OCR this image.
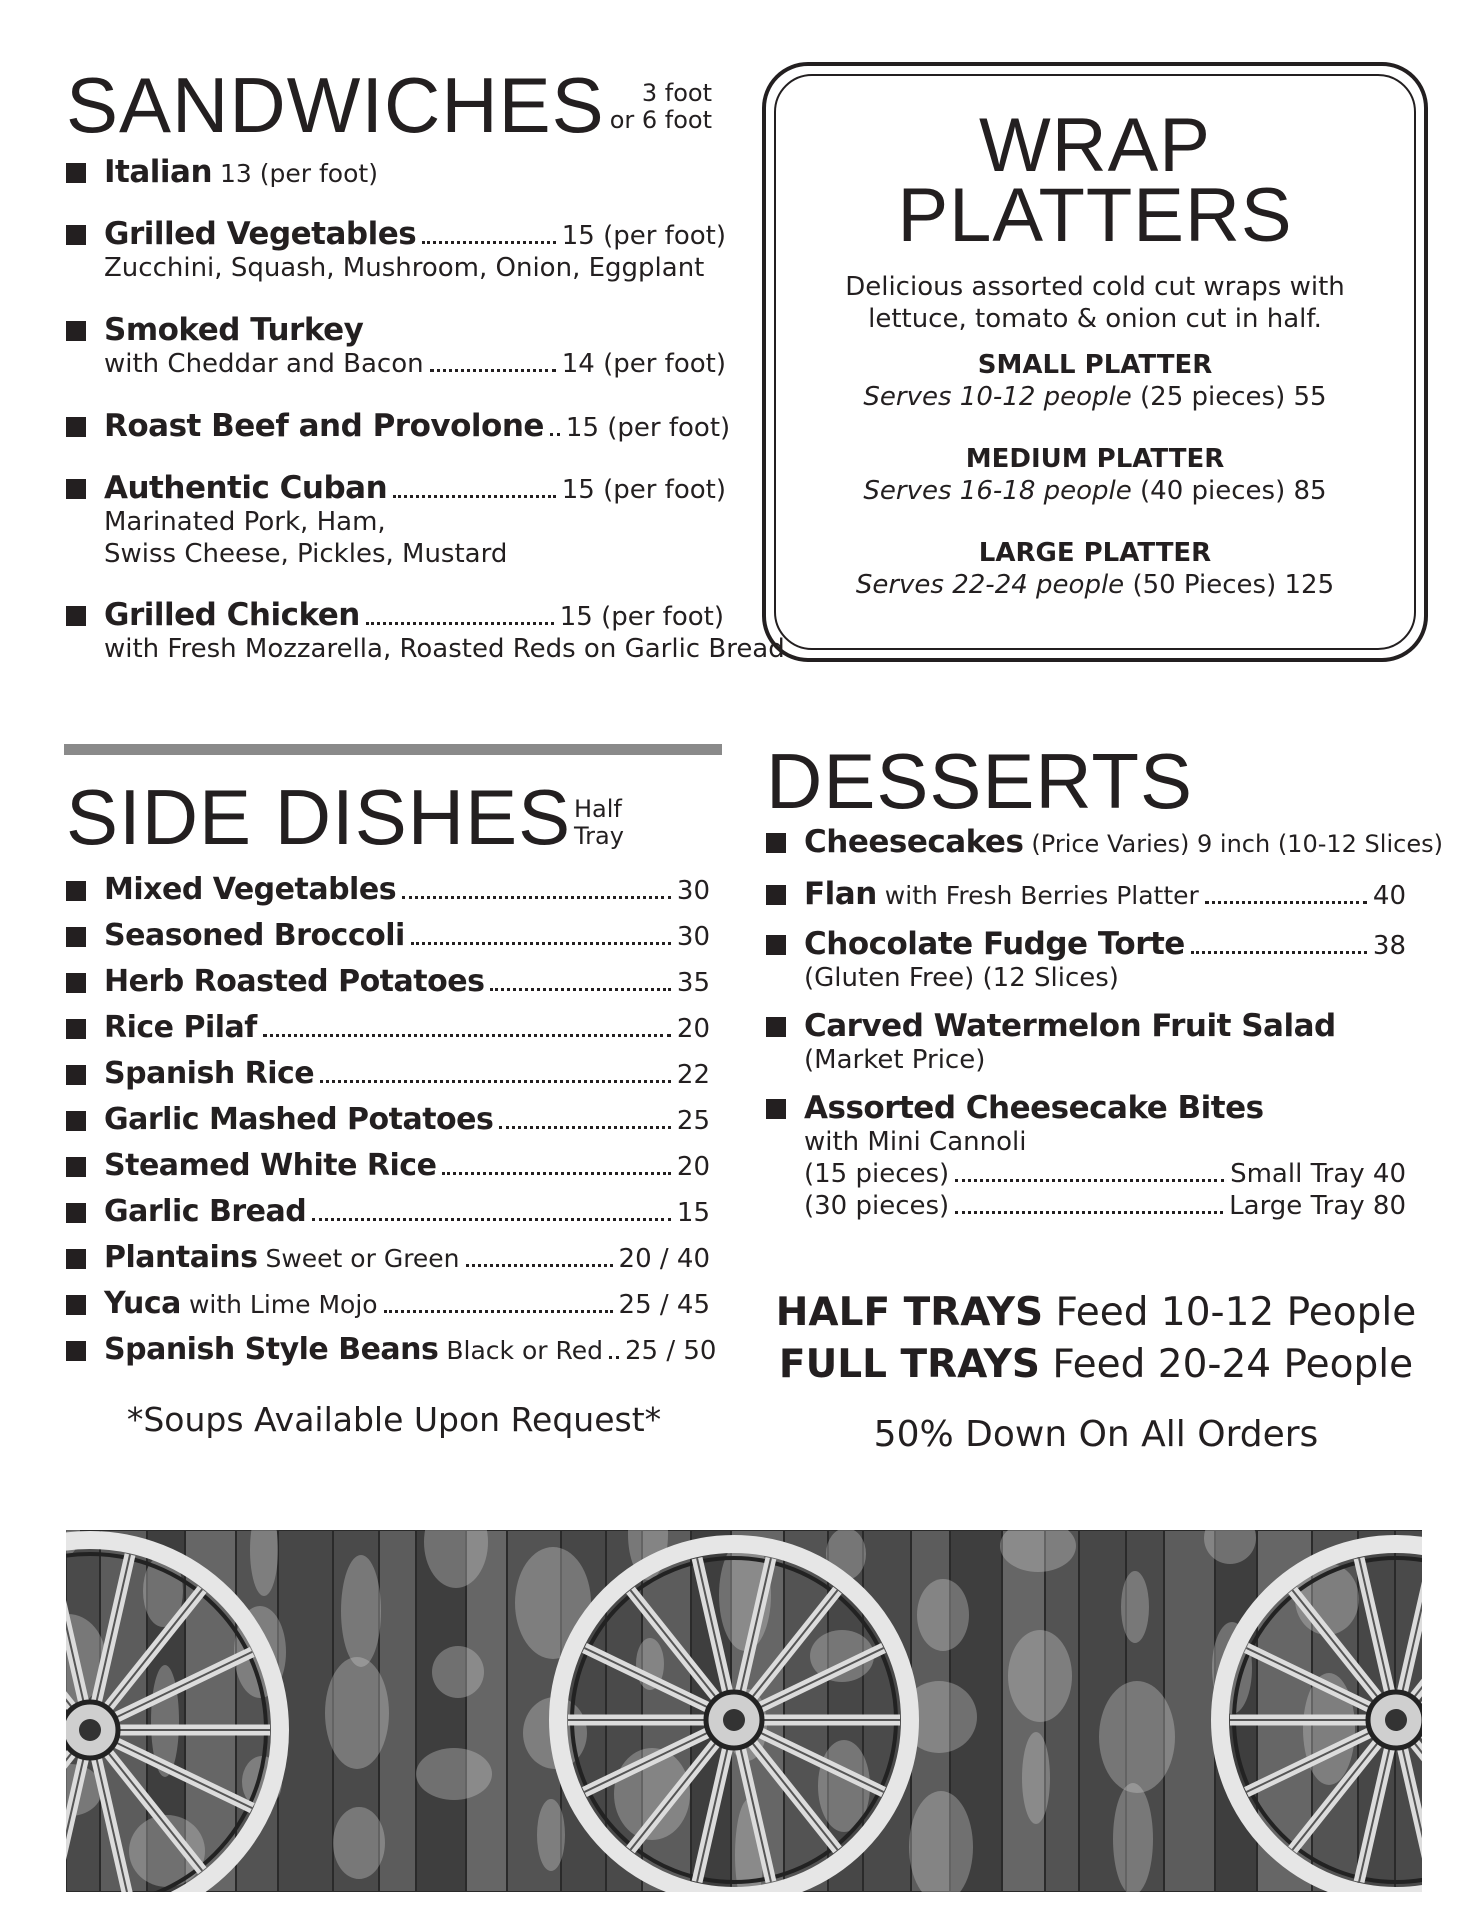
SANDWICHES	3 foot
or 6 foot
Italian 13 (per foot)
Grilled Vegetables	15 (per foot)
Zucchini, Squash, Mushroom, Onion, Eggplant
Smoked Turkey
with Cheddar and Bacon	14 (per foot)
Roast Beef and Provolone 15 (per foot)
Authentic Cuban	15 (per foot)
Marinated Pork, Ham,
Swiss Cheese, Pickles, Mustard
Grilled Chicken	15 (per foot)
with Fresh Mozzarella, Roasted Reds on Garlic Bread
WRAP
PLATTERS
Delicious assorted cold cut wraps with
lettuce, tomato & onion cut in half.
SMALL PLATTER
Serves 10-12 people (25 pieces) 55
MEDIUM PLATTER
Serves 16-18 people (40 pieces) 85
LARGE PLATTER
Serves 22-24 people (50 Pieces) 125
SIDE DISHES Half
Tray
Mixed Vegetables	30
Seasoned Broccoli	30
Herb Roasted Potatoes	35
Rice Pilaf	20
Spanish Rice	22
Garlic Mashed Potatoes	25
Steamed White Rice	20
Garlic Bread	15
Plantains Sweet or Green	20 / 40
Yuca with Lime Mojo	25 / 45
Spanish Style Beans Black or Red 25 / 50
*Soups Available Upon Request*
DESSERTS
Cheesecakes (Price Varies) 9 inch (10-12 Slices)
Flan with Fresh Berries Platter	40
Chocolate Fudge Torte	38
(Gluten Free) (12 Slices)
Carved Watermelon Fruit Salad
(Market Price)
Assorted Cheesecake Bites
with Mini Cannoli
(15 pieces)	Small Tray 40
(30 pieces)	Large Tray 80
HALF TRAYS Feed 10-12 People
FULL TRAYS Feed 20-24 People
50% Down On All Orders
